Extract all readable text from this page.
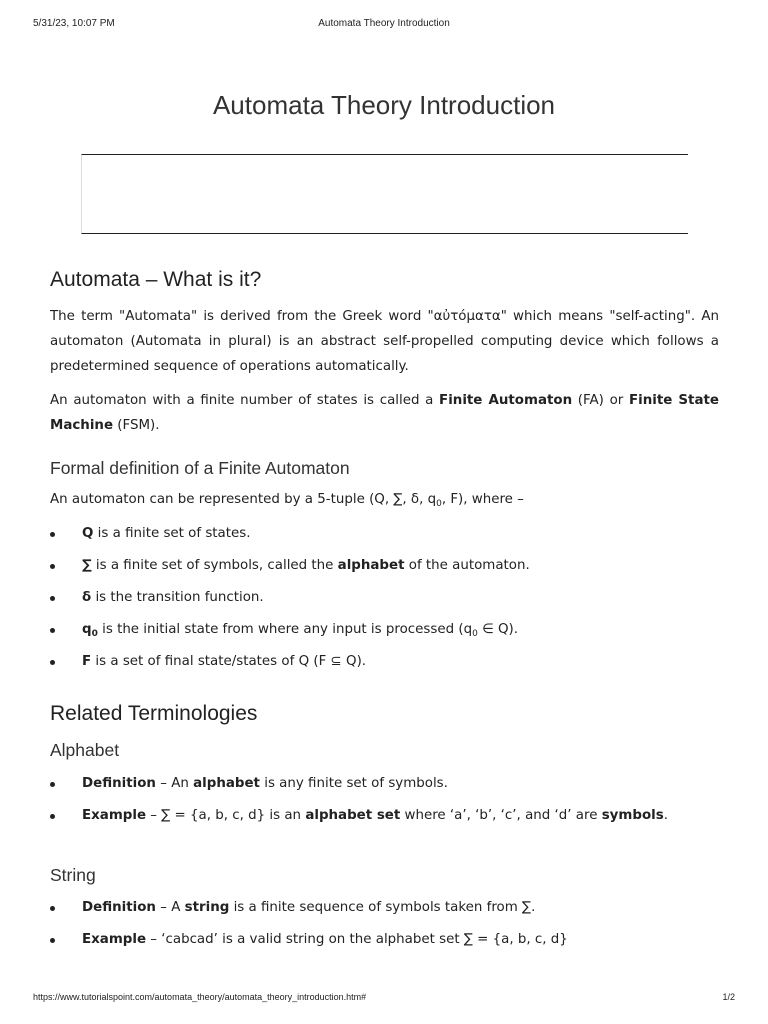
5/31/23, 10:07 PM	Automata Theory Introduction
Automata Theory Introduction
Automata – What is it?

The term "Automata" is derived from the Greek word "αὐτόματα" which means "self-acting". An automaton (Automata in plural) is an abstract self-propelled computing device which follows a predetermined sequence of operations automatically.

An automaton with a finite number of states is called a Finite Automaton (FA) or Finite State Machine (FSM).

Formal definition of a Finite Automaton

An automaton can be represented by a 5-tuple (Q, ∑, δ, $q_0$, F), where –

Q is a finite set of states.
∑ is a finite set of symbols, called the alphabet of the automaton.
δ is the transition function.
$q_0$ is the initial state from where any input is processed ($q_0$ ∈ Q).
F is a set of final state/states of Q (F ⊆ Q).
Related Terminologies
Alphabet
Definition – An alphabet is any finite set of symbols.
Example – ∑ = {a, b, c, d} is an alphabet set where ‘a’, ‘b’, ‘c’, and ‘d’ are symbols.
String
Definition – A string is a finite sequence of symbols taken from ∑.
Example – ‘cabcad’ is a valid string on the alphabet set ∑ = {a, b, c, d}
https://www.tutorialspoint.com/automata_theory/automata_theory_introduction.htm#	1/2
